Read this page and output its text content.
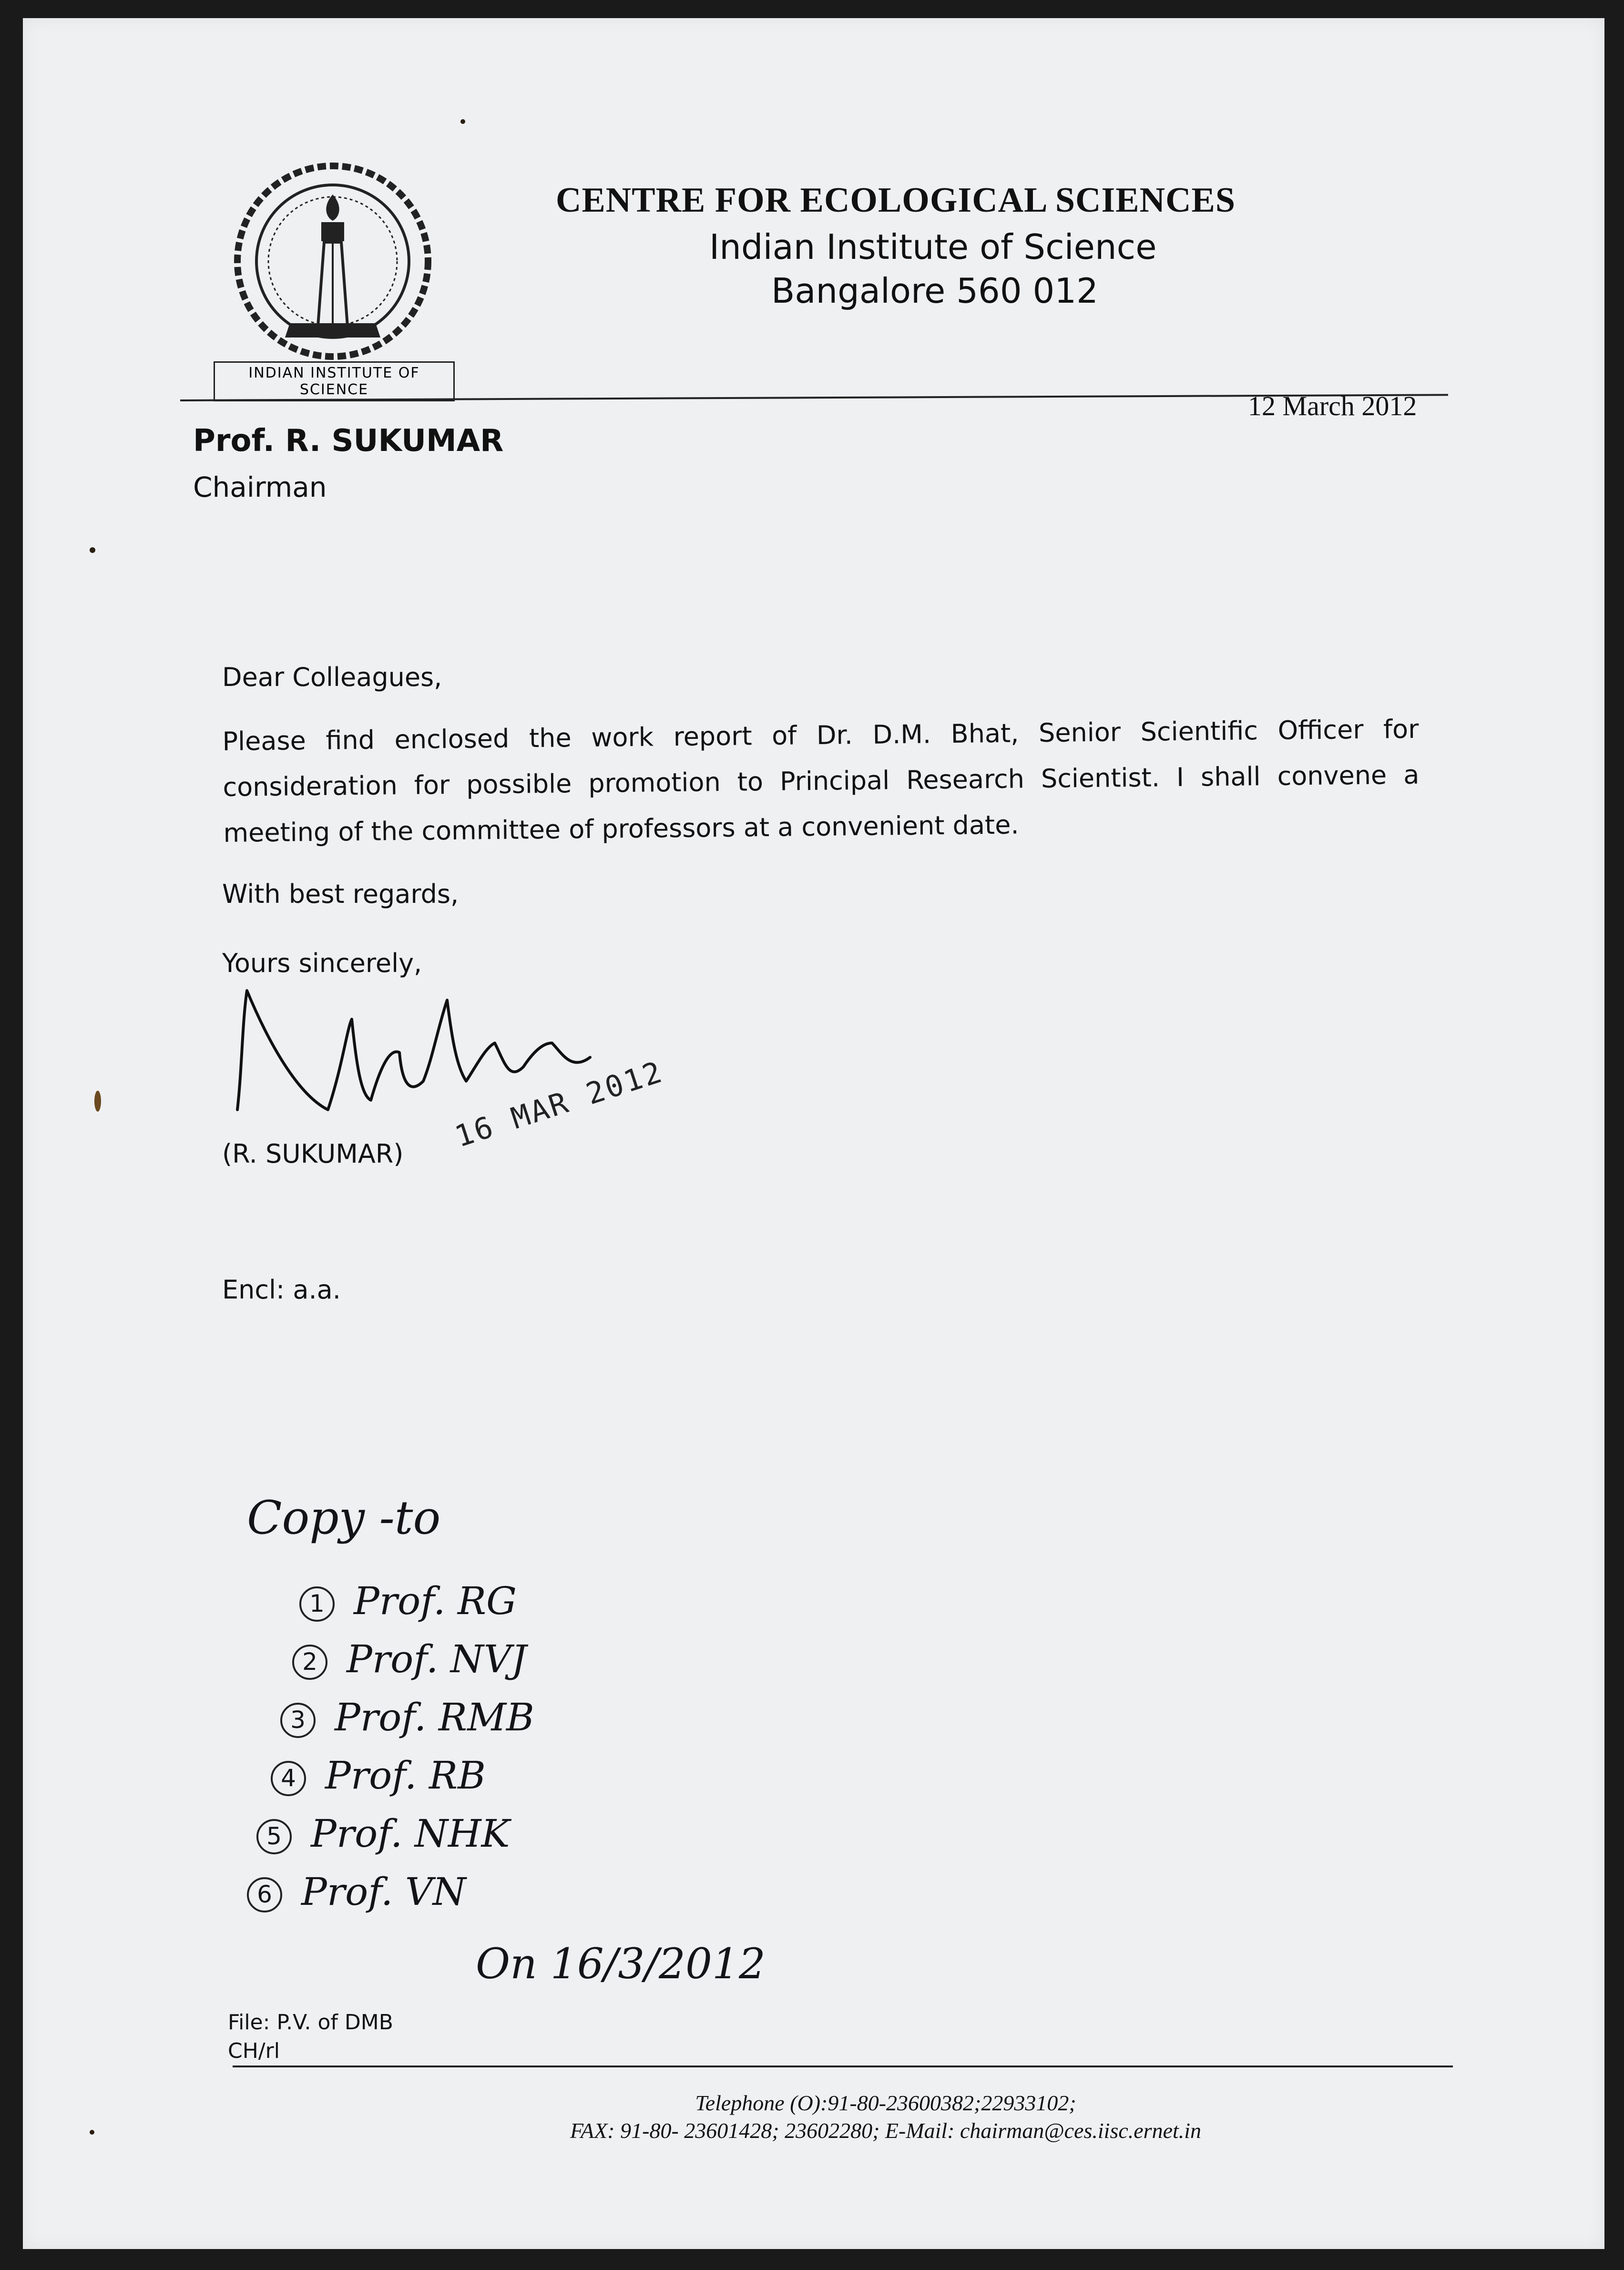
INDIAN INSTITUTE OF SCIENCE
CENTRE FOR ECOLOGICAL SCIENCES
Indian Institute of Science
Bangalore 560 012
12 March 2012
Prof. R. SUKUMAR
Chairman
Dear Colleagues,
Please find enclosed the work report of Dr. D.M. Bhat, Senior Scientific Officer for consideration for possible promotion to Principal Research Scientist. I shall convene a meeting of the committee of professors at a convenient date.
With best regards,
Yours sincerely,
(R. SUKUMAR) 16 MAR 2012
Encl: a.a.
Copy -to
1 Prof. RG
2 Prof. NVJ
3 Prof. RMB
4 Prof. RB
5 Prof. NHK
6 Prof. VN
On 16/3/2012
File: P.V. of DMB
CH/rl
Telephone (O):91-80-23600382;22933102;
FAX: 91-80- 23601428; 23602280; E-Mail: chairman@ces.iisc.ernet.in
